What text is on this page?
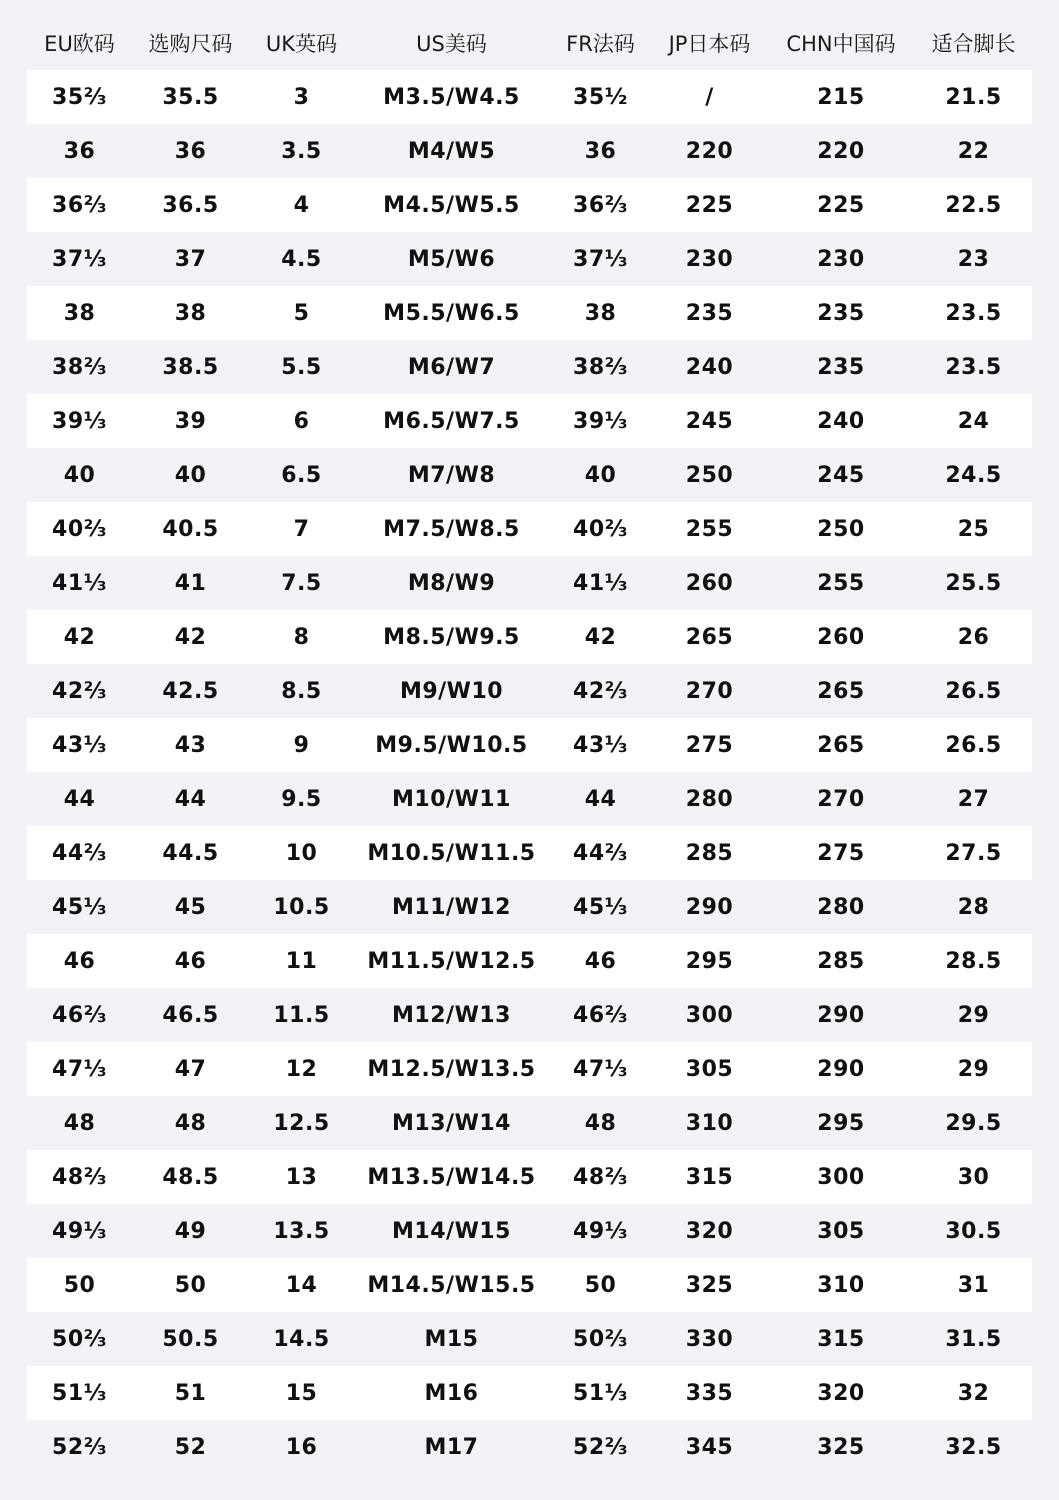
EU欧码	选购尺码	UK英码	US美码	FR法码	JP日本码	CHN中国码	适合脚长
35⅔	35.5	3	M3.5/W4.5	35½	/	215	21.5
36	36	3.5	M4/W5	36	220	220	22
36⅔	36.5	4	M4.5/W5.5	36⅔	225	225	22.5
37⅓	37	4.5	M5/W6	37⅓	230	230	23
38	38	5	M5.5/W6.5	38	235	235	23.5
38⅔	38.5	5.5	M6/W7	38⅔	240	235	23.5
39⅓	39	6	M6.5/W7.5	39⅓	245	240	24
40	40	6.5	M7/W8	40	250	245	24.5
40⅔	40.5	7	M7.5/W8.5	40⅔	255	250	25
41⅓	41	7.5	M8/W9	41⅓	260	255	25.5
42	42	8	M8.5/W9.5	42	265	260	26
42⅔	42.5	8.5	M9/W10	42⅔	270	265	26.5
43⅓	43	9	M9.5/W10.5	43⅓	275	265	26.5
44	44	9.5	M10/W11	44	280	270	27
44⅔	44.5	10	M10.5/W11.5	44⅔	285	275	27.5
45⅓	45	10.5	M11/W12	45⅓	290	280	28
46	46	11	M11.5/W12.5	46	295	285	28.5
46⅔	46.5	11.5	M12/W13	46⅔	300	290	29
47⅓	47	12	M12.5/W13.5	47⅓	305	290	29
48	48	12.5	M13/W14	48	310	295	29.5
48⅔	48.5	13	M13.5/W14.5	48⅔	315	300	30
49⅓	49	13.5	M14/W15	49⅓	320	305	30.5
50	50	14	M14.5/W15.5	50	325	310	31
50⅔	50.5	14.5	M15	50⅔	330	315	31.5
51⅓	51	15	M16	51⅓	335	320	32
52⅔	52	16	M17	52⅔	345	325	32.5
